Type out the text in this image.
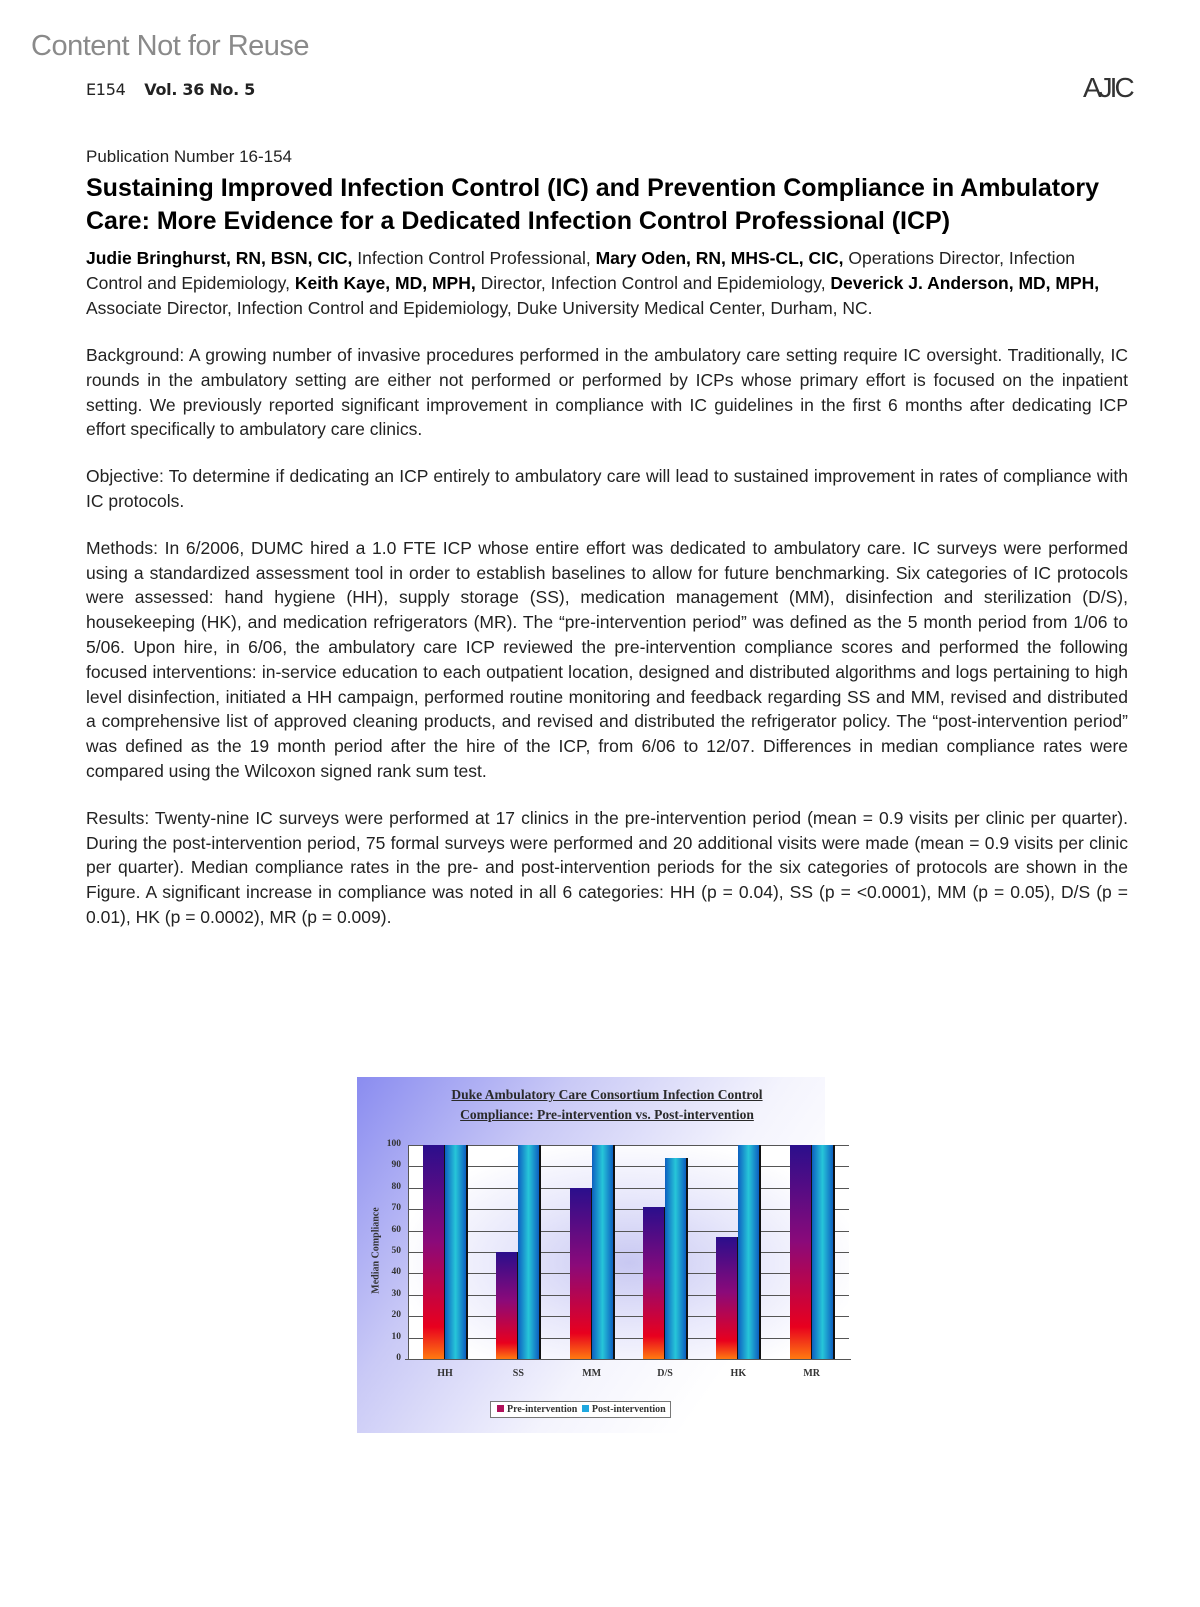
Content Not for Reuse
E154 Vol. 36 No. 5	AJIC
Publication Number 16-154
Sustaining Improved Infection Control (IC) and Prevention Compliance in Ambulatory Care: More Evidence for a Dedicated Infection Control Professional (ICP)
Judie Bringhurst, RN, BSN, CIC, Infection Control Professional, Mary Oden, RN, MHS-CL, CIC, Operations Director, Infection Control and Epidemiology, Keith Kaye, MD, MPH, Director, Infection Control and Epidemiology, Deverick J. Anderson, MD, MPH, Associate Director, Infection Control and Epidemiology, Duke University Medical Center, Durham, NC.

Background: A growing number of invasive procedures performed in the ambulatory care setting require IC oversight. Traditionally, IC rounds in the ambulatory setting are either not performed or performed by ICPs whose primary effort is focused on the inpatient setting. We previously reported significant improvement in compliance with IC guidelines in the first 6 months after dedicating ICP effort specifically to ambulatory care clinics.

Objective: To determine if dedicating an ICP entirely to ambulatory care will lead to sustained improvement in rates of compliance with IC protocols.

Methods: In 6/2006, DUMC hired a 1.0 FTE ICP whose entire effort was dedicated to ambulatory care. IC surveys were performed using a standardized assessment tool in order to establish baselines to allow for future benchmarking. Six categories of IC protocols were assessed: hand hygiene (HH), supply storage (SS), medication management (MM), disinfection and sterilization (D/S), housekeeping (HK), and medication refrigerators (MR). The “pre-intervention period” was defined as the 5 month period from 1/06 to 5/06. Upon hire, in 6/06, the ambulatory care ICP reviewed the pre-intervention compliance scores and performed the following focused interventions: in-service education to each outpatient location, designed and distributed algorithms and logs pertaining to high level disinfection, initiated a HH campaign, performed routine monitoring and feedback regarding SS and MM, revised and distributed a comprehensive list of approved cleaning products, and revised and distributed the refrigerator policy. The “post-intervention period” was defined as the 19 month period after the hire of the ICP, from 6/06 to 12/07. Differences in median compliance rates were compared using the Wilcoxon signed rank sum test.

Results: Twenty-nine IC surveys were performed at 17 clinics in the pre-intervention period (mean = 0.9 visits per clinic per quarter). During the post-intervention period, 75 formal surveys were performed and 20 additional visits were made (mean = 0.9 visits per clinic per quarter). Median compliance rates in the pre- and post-intervention periods for the six categories of protocols are shown in the Figure. A significant increase in compliance was noted in all 6 categories: HH (p = 0.04), SS (p = <0.0001), MM (p = 0.05), D/S (p = 0.01), HK (p = 0.0002), MR (p = 0.009).

Duke Ambulatory Care Consortium Infection Control
Compliance: Pre-intervention vs. Post-intervention
0
10
20
30
40
50
60
70
80
90
100
Median Compliance
HH	SS	MM	D/S	HK	MR
Pre-intervention Post-intervention
